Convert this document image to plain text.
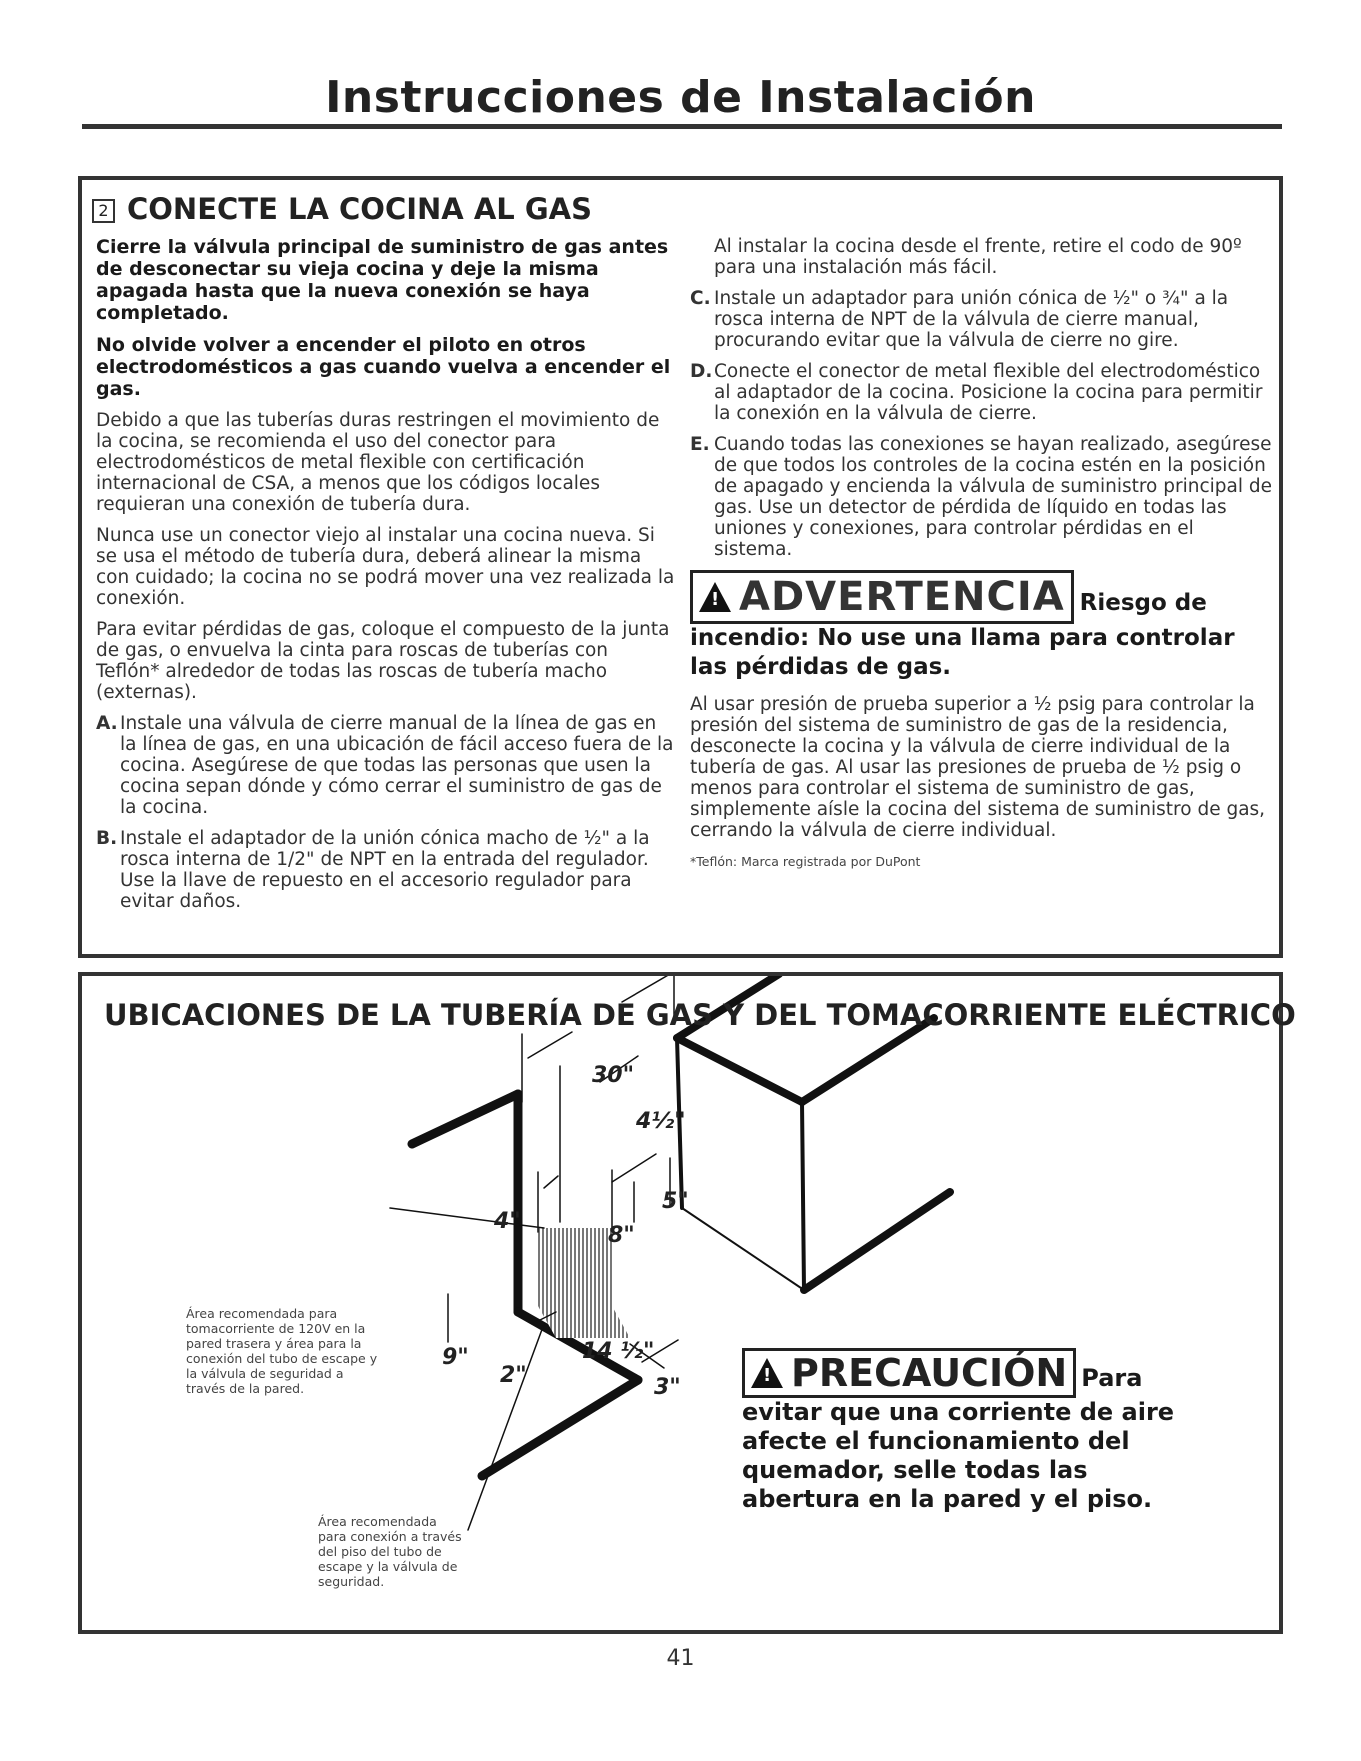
Instrucciones de Instalación
2 CONECTE LA COCINA AL GAS

Cierre la válvula principal de suministro de gas antes de desconectar su vieja cocina y deje la misma apagada hasta que la nueva conexión se haya completado.

No olvide volver a encender el piloto en otros electrodomésticos a gas cuando vuelva a encender el gas.

Debido a que las tuberías duras restringen el movimiento de la cocina, se recomienda el uso del conector para electrodomésticos de metal flexible con certificación internacional de CSA, a menos que los códigos locales requieran una conexión de tubería dura.

Nunca use un conector viejo al instalar una cocina nueva. Si se usa el método de tubería dura, deberá alinear la misma con cuidado; la cocina no se podrá mover una vez realizada la conexión.

Para evitar pérdidas de gas, coloque el compuesto de la junta de gas, o envuelva la cinta para roscas de tuberías con Teflón* alrededor de todas las roscas de tubería macho (externas).

A. Instale una válvula de cierre manual de la línea de gas en la línea de gas, en una ubicación de fácil acceso fuera de la cocina. Asegúrese de que todas las personas que usen la cocina sepan dónde y cómo cerrar el suministro de gas de la cocina.

B. Instale el adaptador de la unión cónica macho de ½" a la rosca interna de 1/2" de NPT en la entrada del regulador. Use la llave de repuesto en el accesorio regulador para evitar daños.

Al instalar la cocina desde el frente, retire el codo de 90º para una instalación más fácil.

C. Instale un adaptador para unión cónica de ½" o ¾" a la rosca interna de NPT de la válvula de cierre manual, procurando evitar que la válvula de cierre no gire.

D.Conecte el conector de metal flexible del electrodoméstico al adaptador de la cocina. Posicione la cocina para permitir la conexión en la válvula de cierre.

E. Cuando todas las conexiones se hayan realizado, asegúrese de que todos los controles de la cocina estén en la posición de apagado y encienda la válvula de suministro principal de gas. Use un detector de pérdida de líquido en todas las uniones y conexiones, para controlar pérdidas en el sistema.

!ADVERTENCIA Riesgo de
incendio: No use una llama para controlar las pérdidas de gas.

Al usar presión de prueba superior a ½ psig para controlar la presión del sistema de suministro de gas de la residencia, desconecte la cocina y la válvula de cierre individual de la tubería de gas. Al usar las presiones de prueba de ½ psig o menos para controlar el sistema de suministro de gas, simplemente aísle la cocina del sistema de suministro de gas, cerrando la válvula de cierre individual.

*Teflón: Marca registrada por DuPont
30"
4½"
5"
4"
8"
9"	14 ½"
2"	3"
UBICACIONES DE LA TUBERÍA DE GAS Y DEL TOMACORRIENTE ELÉCTRICO
Área recomendada para tomacorriente de 120V en la pared trasera y área para la conexión del tubo de escape y la válvula de seguridad a través de la pared.
Área recomendada para conexión a través del piso del tubo de escape y la válvula de seguridad.
!PRECAUCIÓN Para
evitar que una corriente de aire afecte el funcionamiento del quemador, selle todas las abertura en la pared y el piso.
41
